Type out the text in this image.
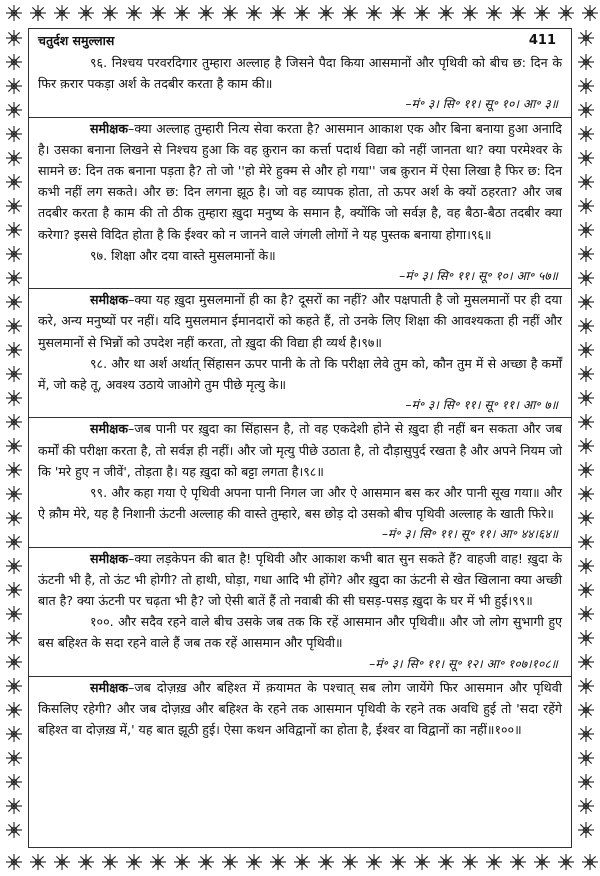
चतुर्दश समुल्लास	411

९६. निश्चय परवरदिगार तुम्हारा अल्लाह है जिसने पैदा किया आसमानों और पृथिवी को बीच छ: दिन के फिर क़रार पकड़ा अर्श के तदबीर करता है काम की॥

–मं॰ ३। सि॰ ११। सू॰ १०। आ॰ ३॥

समीक्षक–क्या अल्लाह तुम्हारी नित्य सेवा करता है? आसमान आकाश एक और बिना बनाया हुआ अनादि है। उसका बनाना लिखने से निश्चय हुआ कि वह क़ुरान का कर्त्ता पदार्थ विद्या को नहीं जानता था? क्या परमेश्वर के सामने छ: दिन तक बनाना पड़ता है? तो जो ''हो मेरे हुक्म से और हो गया'' जब क़ुरान में ऐसा लिखा है फिर छ: दिन कभी नहीं लग सकते। और छ: दिन लगना झूठ है। जो वह व्यापक होता, तो ऊपर अर्श के क्यों ठहरता? और जब तदबीर करता है काम की तो ठीक तुम्हारा ख़ुदा मनुष्य के समान है, क्योंकि जो सर्वज्ञ है, वह बैठा-बैठा तदबीर क्या करेगा? इससे विदित होता है कि ईश्वर को न जानने वाले जंगली लोगों ने यह पुस्तक बनाया होगा।९६॥

९७. शिक्षा और दया वास्ते मुसलमानों के॥

–मं॰ ३। सि॰ ११। सू॰ १०। आ॰ ५७॥

समीक्षक–क्या यह ख़ुदा मुसलमानों ही का है? दूसरों का नहीं? और पक्षपाती है जो मुसलमानों पर ही दया करे, अन्य मनुष्यों पर नहीं। यदि मुसलमान ईमानदारों को कहते हैं, तो उनके लिए शिक्षा की आवश्यकता ही नहीं और मुसलमानों से भिन्नों को उपदेश नहीं करता, तो ख़ुदा की विद्या ही व्यर्थ है।९७॥

९८. और था अर्श अर्थात् सिंहासन ऊपर पानी के तो कि परीक्षा लेवे तुम को, कौन तुम में से अच्छा है कर्मों में, जो कहे तू, अवश्य उठाये जाओगे तुम पीछे मृत्यु के॥

–मं॰ ३। सि॰ ११। सू॰ ११। आ॰ ७॥

समीक्षक–जब पानी पर ख़ुदा का सिंहासन है, तो वह एकदेशी होने से ख़ुदा ही नहीं बन सकता और जब कर्मों की परीक्षा करता है, तो सर्वज्ञ ही नहीं। और जो मृत्यु पीछे उठाता है, तो दौड़ासुपुर्द रखता है और अपने नियम जो कि 'मरे हुए न जीवें', तोड़ता है। यह ख़ुदा को बट्टा लगता है।९८॥

९९. और कहा गया ऐ पृथिवी अपना पानी निगल जा और ऐ आसमान बस कर और पानी सूख गया॥ और ऐ क़ौम मेरे, यह है निशानी ऊंटनी अल्लाह की वास्ते तुम्हारे, बस छोड़ दो उसको बीच पृथिवी अल्लाह के खाती फिरे॥

–मं॰ ३। सि॰ ११। सू॰ ११। आ॰ ४४।६४॥

समीक्षक–क्या लड़केपन की बात है! पृथिवी और आकाश कभी बात सुन सकते हैं? वाहजी वाह! ख़ुदा के ऊंटनी भी है, तो ऊंट भी होगी? तो हाथी, घोड़ा, गधा आदि भी होंगे? और ख़ुदा का ऊंटनी से खेत खिलाना क्या अच्छी बात है? क्या ऊंटनी पर चढ़ता भी है? जो ऐसी बातें हैं तो नवाबी की सी घसड़-पसड़ ख़ुदा के घर में भी हुई।९९॥

१००. और सदैव रहने वाले बीच उसके जब तक कि रहें आसमान और पृथिवी॥ और जो लोग सुभागी हुए बस बहिश्त के सदा रहने वाले हैं जब तक रहें आसमान और पृथिवी॥

–मं॰ ३। सि॰ ११। सू॰ १२। आ॰ १०७।१०८॥

समीक्षक–जब दोज़ख़ और बहिश्त में क़यामत के पश्चात् सब लोग जायेंगे फिर आसमान और पृथिवी किसलिए रहेगी? और जब दोज़ख़ और बहिश्त के रहने तक आसमान पृथिवी के रहने तक अवधि हुई तो 'सदा रहेंगे बहिश्त वा दोज़ख़ में,' यह बात झूठी हुई। ऐसा कथन अविद्वानों का होता है, ईश्वर वा विद्वानों का नहीं॥१००॥
